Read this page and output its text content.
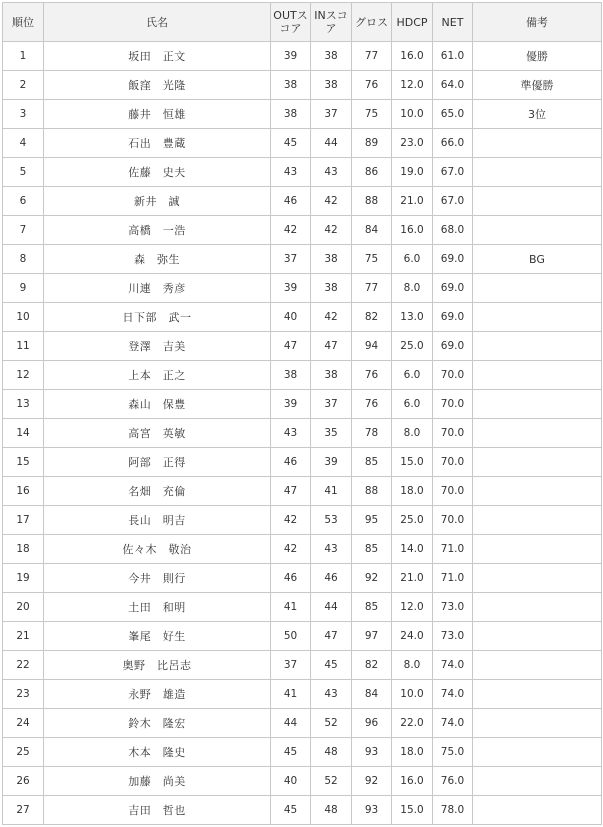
順位	氏名	OUTスコア	INスコア	グロス	HDCP	NET	備考
1	坂田　正文	39	38	77	16.0	61.0	優勝
2	飯窪　光隆	38	38	76	12.0	64.0	準優勝
3	藤井　恒雄	38	37	75	10.0	65.0	3位
4	石出　豊蔵	45	44	89	23.0	66.0	
5	佐藤　史夫	43	43	86	19.0	67.0	
6	新井　誠	46	42	88	21.0	67.0	
7	高橋　一浩	42	42	84	16.0	68.0	
8	森　弥生	37	38	75	6.0	69.0	BG
9	川連　秀彦	39	38	77	8.0	69.0	
10	日下部　武一	40	42	82	13.0	69.0	
11	登澤　吉美	47	47	94	25.0	69.0	
12	上本　正之	38	38	76	6.0	70.0	
13	森山　保豊	39	37	76	6.0	70.0	
14	高宮　英敏	43	35	78	8.0	70.0	
15	阿部　正得	46	39	85	15.0	70.0	
16	名畑　充倫	47	41	88	18.0	70.0	
17	長山　明吉	42	53	95	25.0	70.0	
18	佐々木　敬治	42	43	85	14.0	71.0	
19	今井　則行	46	46	92	21.0	71.0	
20	土田　和明	41	44	85	12.0	73.0	
21	峯尾　好生	50	47	97	24.0	73.0	
22	奥野　比呂志	37	45	82	8.0	74.0	
23	永野　雄造	41	43	84	10.0	74.0	
24	鈴木　隆宏	44	52	96	22.0	74.0	
25	木本　隆史	45	48	93	18.0	75.0	
26	加藤　尚美	40	52	92	16.0	76.0	
27	吉田　哲也	45	48	93	15.0	78.0	
